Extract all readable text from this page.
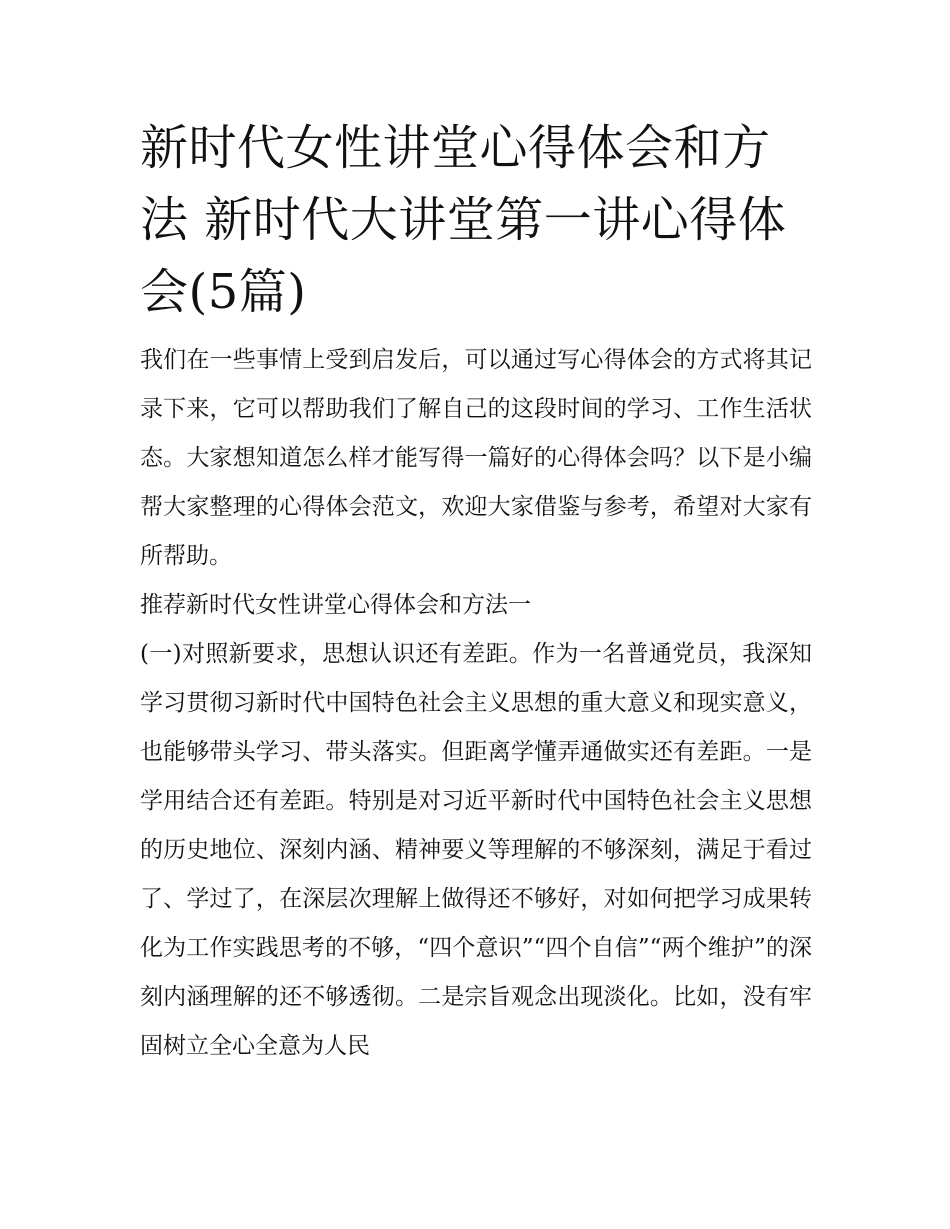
新时代女性讲堂心得体会和方法 新时代大讲堂第一讲心得体会(5篇)

我们在一些事情上受到启发后，可以通过写心得体会的方式将其记录下来，它可以帮助我们了解自己的这段时间的学习、工作生活状态。大家想知道怎么样才能写得一篇好的心得体会吗？以下是小编帮大家整理的心得体会范文，欢迎大家借鉴与参考，希望对大家有所帮助。

推荐新时代女性讲堂心得体会和方法一

(一)对照新要求，思想认识还有差距。作为一名普通党员，我深知学习贯彻习新时代中国特色社会主义思想的重大意义和现实意义，也能够带头学习、带头落实。但距离学懂弄通做实还有差距。一是学用结合还有差距。特别是对习近平新时代中国特色社会主义思想的历史地位、深刻内涵、精神要义等理解的不够深刻，满足于看过了、学过了，在深层次理解上做得还不够好，对如何把学习成果转化为工作实践思考的不够，“四个意识”“四个自信”“两个维护”的深刻内涵理解的还不够透彻。二是宗旨观念出现淡化。比如，没有牢固树立全心全意为人民
